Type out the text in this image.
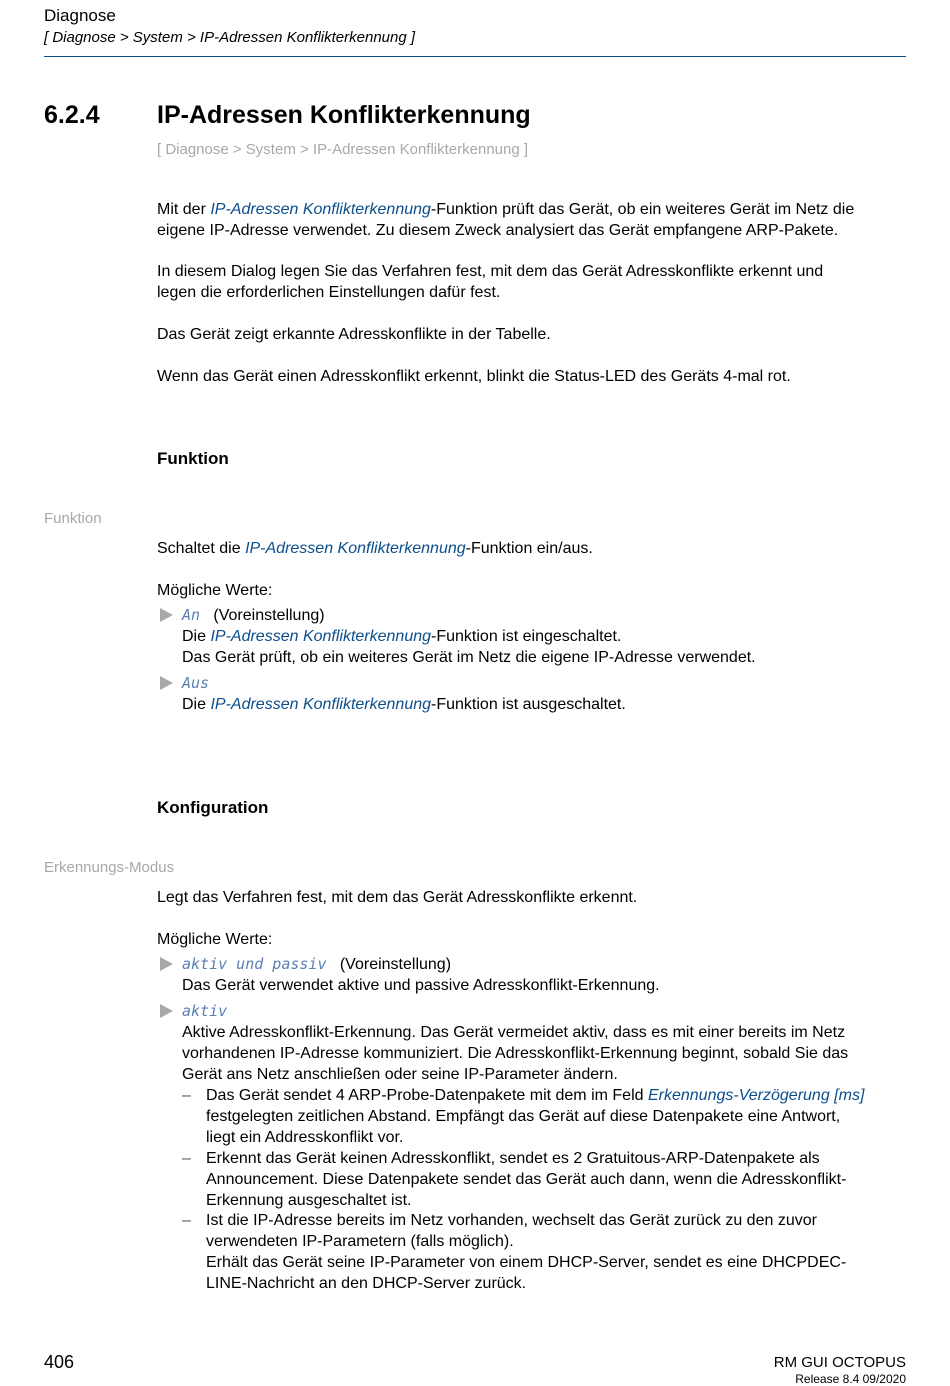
Diagnose
[ Diagnose > System > IP-Adressen Konflikterkennung ]
6.2.4 IP-Adressen Konflikterkennung
[ Diagnose > System > IP-Adressen Konflikterkennung ]
Mit der IP-Adressen Konflikterkennung-Funktion prüft das Gerät, ob ein weiteres Gerät im Netz die
eigene IP-Adresse verwendet. Zu diesem Zweck analysiert das Gerät empfangene ARP-Pakete.
In diesem Dialog legen Sie das Verfahren fest, mit dem das Gerät Adresskonflikte erkennt und
legen die erforderlichen Einstellungen dafür fest.
Das Gerät zeigt erkannte Adresskonflikte in der Tabelle.
Wenn das Gerät einen Adresskonflikt erkennt, blinkt die Status-LED des Geräts 4-mal rot.
Funktion
Funktion
Schaltet die IP-Adressen Konflikterkennung-Funktion ein/aus.
Mögliche Werte:
An (Voreinstellung)
Die IP-Adressen Konflikterkennung-Funktion ist eingeschaltet.
Das Gerät prüft, ob ein weiteres Gerät im Netz die eigene IP-Adresse verwendet.
Aus
Die IP-Adressen Konflikterkennung-Funktion ist ausgeschaltet.
Konfiguration
Erkennungs-Modus
Legt das Verfahren fest, mit dem das Gerät Adresskonflikte erkennt.
Mögliche Werte:
aktiv und passiv (Voreinstellung)
Das Gerät verwendet aktive und passive Adresskonflikt-Erkennung.
aktiv
Aktive Adresskonflikt-Erkennung. Das Gerät vermeidet aktiv, dass es mit einer bereits im Netz
vorhandenen IP-Adresse kommuniziert. Die Adresskonflikt-Erkennung beginnt, sobald Sie das
Gerät ans Netz anschließen oder seine IP-Parameter ändern.
– Das Gerät sendet 4 ARP-Probe-Datenpakete mit dem im Feld Erkennungs-Verzögerung [ms]
festgelegten zeitlichen Abstand. Empfängt das Gerät auf diese Datenpakete eine Antwort,
liegt ein Addresskonflikt vor.
– Erkennt das Gerät keinen Adresskonflikt, sendet es 2 Gratuitous-ARP-Datenpakete als
Announcement. Diese Datenpakete sendet das Gerät auch dann, wenn die Adresskonflikt-
Erkennung ausgeschaltet ist.
– Ist die IP-Adresse bereits im Netz vorhanden, wechselt das Gerät zurück zu den zuvor
verwendeten IP-Parametern (falls möglich).
Erhält das Gerät seine IP-Parameter von einem DHCP-Server, sendet es eine DHCPDEC-
LINE-Nachricht an den DHCP-Server zurück.
406	RM GUI OCTOPUS
Release 8.4 09/2020
